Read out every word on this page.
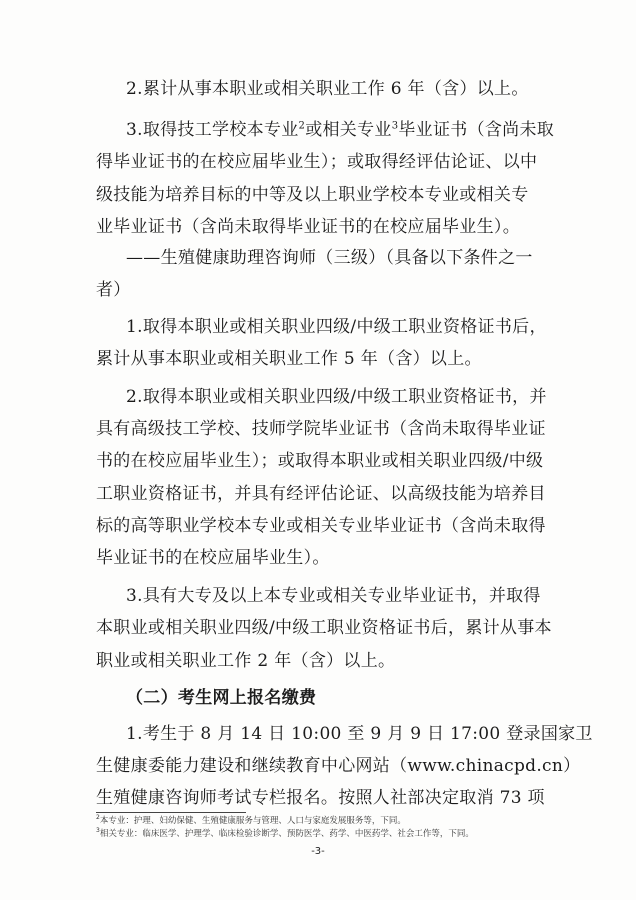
2.累计从事本职业或相关职业工作 6 年（含）以上。
3.取得技工学校本专业$^2$或相关专业$^3$毕业证书（含尚未取
得毕业证书的在校应届毕业生）；或取得经评估论证、以中
级技能为培养目标的中等及以上职业学校本专业或相关专
业毕业证书（含尚未取得毕业证书的在校应届毕业生）。
——生殖健康助理咨询师（三级）（具备以下条件之一
者）
1.取得本职业或相关职业四级/中级工职业资格证书后，
累计从事本职业或相关职业工作 5 年（含）以上。
2.取得本职业或相关职业四级/中级工职业资格证书，并
具有高级技工学校、技师学院毕业证书（含尚未取得毕业证
书的在校应届毕业生）；或取得本职业或相关职业四级/中级
工职业资格证书，并具有经评估论证、以高级技能为培养目
标的高等职业学校本专业或相关专业毕业证书（含尚未取得
毕业证书的在校应届毕业生）。
3.具有大专及以上本专业或相关专业毕业证书，并取得
本职业或相关职业四级/中级工职业资格证书后，累计从事本
职业或相关职业工作 2 年（含）以上。
（二）考生网上报名缴费
1.考生于 8 月 14 日 10:00 至 9 月 9 日 17:00 登录国家卫
生健康委能力建设和继续教育中心网站（www.chinacpd.cn）
生殖健康咨询师考试专栏报名。按照人社部决定取消 73 项
$^2$本专业：护理、妇幼保健、生殖健康服务与管理、人口与家庭发展服务等，下同。
$^3$相关专业：临床医学、护理学、临床检验诊断学、预防医学、药学、中医药学、社会工作等，下同。
-3-
